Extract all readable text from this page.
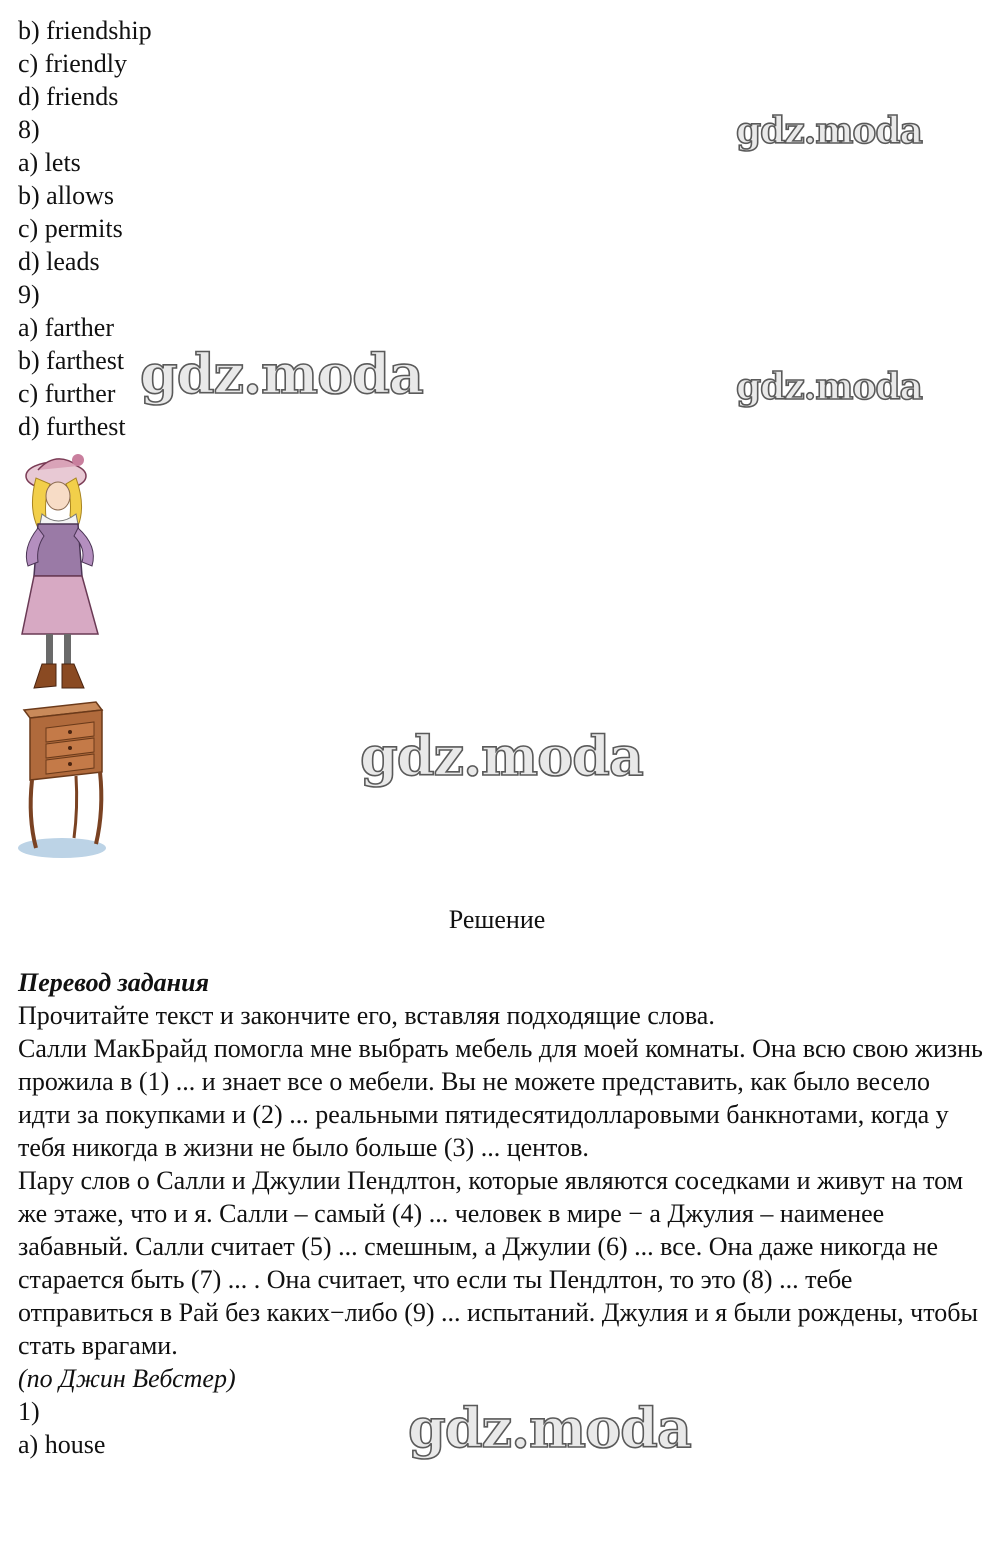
b) friendship
c) friendly
d) friends
8)
a) lets
b) allows
c) permits
d) leads
9)
a) farther
b) farthest
c) further
d) furthest
gdz.moda
gdz.moda	gdz.moda
gdz.moda
gdz.moda
Решение

Перевод задания

Прочитайте текст и закончите его, вставляя подходящие слова.

Салли МакБрайд помогла мне выбрать мебель для моей комнаты. Она всю свою жизнь прожила в (1) ... и знает все о мебели. Вы не можете представить, как было весело идти за покупками и (2) ... реальными пятидесятидолларовыми банкнотами, когда у тебя никогда в жизни не было больше (3) ... центов.

Пару слов о Салли и Джулии Пендлтон, которые являются соседками и живут на том же этаже, что и я. Салли – самый (4) ... человек в мире − а Джулия – наименее забавный. Салли считает (5) ... смешным, а Джулии (6) ... все. Она даже никогда не старается быть (7) ... . Она считает, что если ты Пендлтон, то это (8) ... тебе отправиться в Рай без каких−либо (9) ... испытаний. Джулия и я были рождены, чтобы стать врагами.

(по Джин Вебстер)

1)

a) house
